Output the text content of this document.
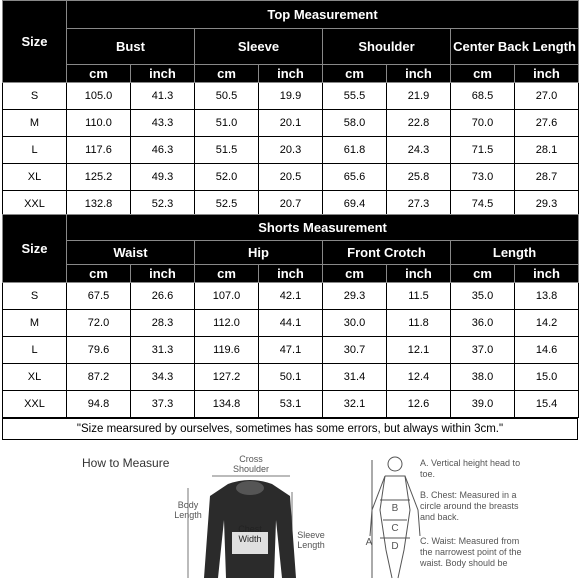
Size	Top Measurement							
	Bust		Sleeve		Shoulder		Center Back Length	
	cm	inch	cm	inch	cm	inch	cm	inch
S	105.0	41.3	50.5	19.9	55.5	21.9	68.5	27.0
M	110.0	43.3	51.0	20.1	58.0	22.8	70.0	27.6
L	117.6	46.3	51.5	20.3	61.8	24.3	71.5	28.1
XL	125.2	49.3	52.0	20.5	65.6	25.8	73.0	28.7
XXL	132.8	52.3	52.5	20.7	69.4	27.3	74.5	29.3
Size	Shorts Measurement							
	Waist		Hip		Front Crotch		Length	
	cm	inch	cm	inch	cm	inch	cm	inch
S	67.5	26.6	107.0	42.1	29.3	11.5	35.0	13.8
M	72.0	28.3	112.0	44.1	30.0	11.8	36.0	14.2
L	79.6	31.3	119.6	47.1	30.7	12.1	37.0	14.6
XL	87.2	34.3	127.2	50.1	31.4	12.4	38.0	15.0
XXL	94.8	37.3	134.8	53.1	32.1	12.6	39.0	15.4
"Size mearsured by ourselves, sometimes has some errors, but always within 3cm."
How to Measure	Cross Shoulder
Body Length
Chest Width	Sleeve Length	A
B
C
D
A. Vertical height head to toe.
B. Chest: Measured in a circle around the breasts and back.
C. Waist: Measured from the narrowest point of the waist. Body should be
